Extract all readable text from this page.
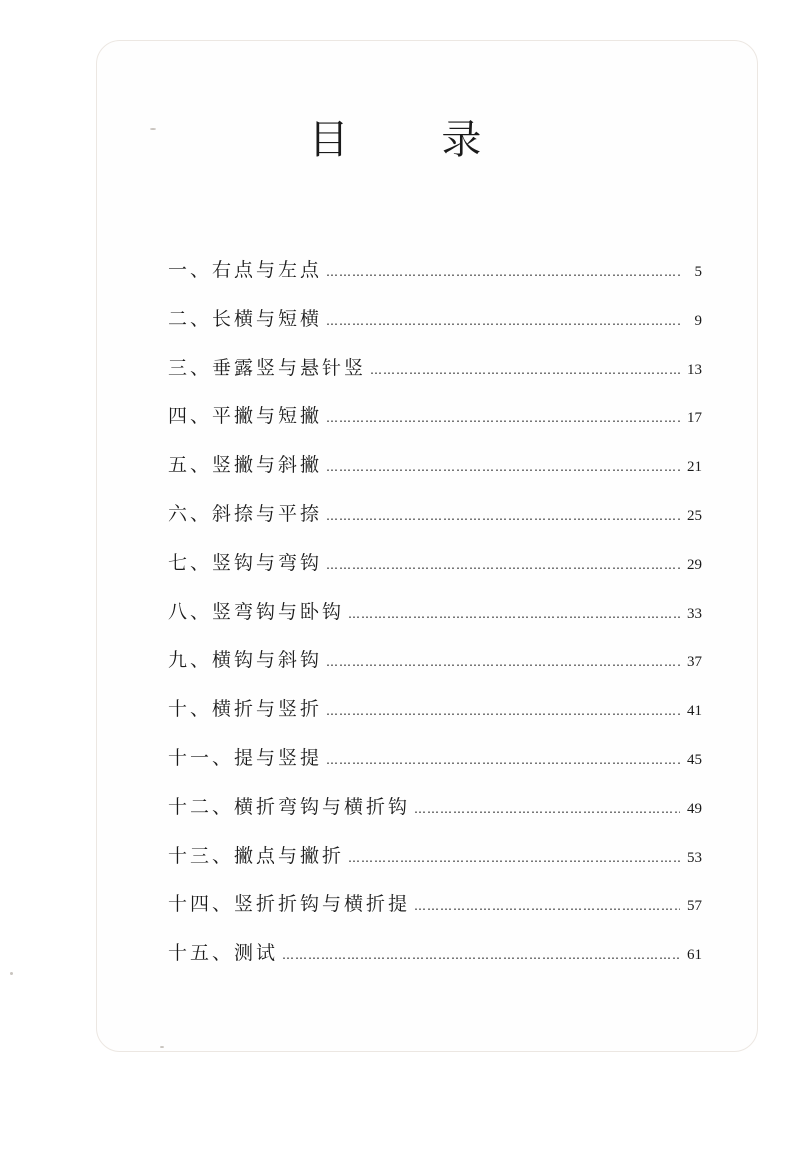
目 录
一、 右点与左点 ……………………………………………………………………………………………………………………………………	5
二、 长横与短横 ……………………………………………………………………………………………………………………………………	9
三、 垂露竖与悬针竖 ……………………………………………………………………………………………………………………………………	13
四、 平撇与短撇 ……………………………………………………………………………………………………………………………………	17
五、 竖撇与斜撇 ……………………………………………………………………………………………………………………………………	21
六、 斜捺与平捺 ……………………………………………………………………………………………………………………………………	25
七、 竖钩与弯钩 ……………………………………………………………………………………………………………………………………	29
八、 竖弯钩与卧钩 ……………………………………………………………………………………………………………………………………	33
九、 横钩与斜钩 ……………………………………………………………………………………………………………………………………	37
十、 横折与竖折 ……………………………………………………………………………………………………………………………………	41
十一、 提与竖提 ……………………………………………………………………………………………………………………………………	45
十二、 横折弯钩与横折钩 ……………………………………………………………………………………………………………………………………	49
十三、 撇点与撇折 ……………………………………………………………………………………………………………………………………	53
十四、 竖折折钩与横折提 ……………………………………………………………………………………………………………………………………	57
十五、 测试 ……………………………………………………………………………………………………………………………………	61
